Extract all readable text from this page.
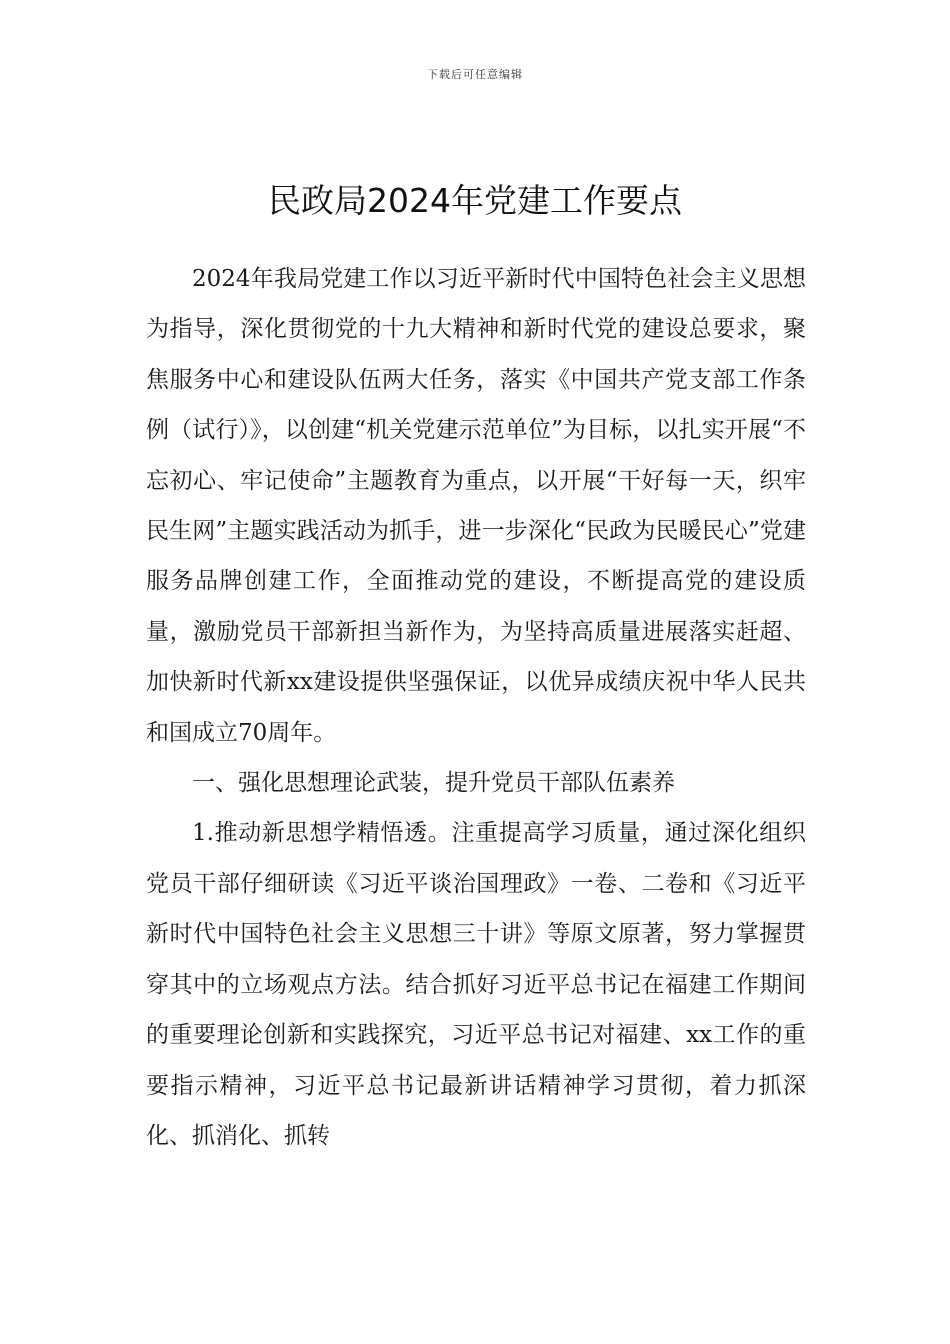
下载后可任意编辑
民政局2024年党建工作要点

2024年我局党建工作以习近平新时代中国特色社会主义思想为指导，深化贯彻党的十九大精神和新时代党的建设总要求，聚焦服务中心和建设队伍两大任务，落实《中国共产党支部工作条例（试行）》，以创建“机关党建示范单位”为目标，以扎实开展“不忘初心、牢记使命”主题教育为重点，以开展“干好每一天，织牢民生网”主题实践活动为抓手，进一步深化“民政为民暖民心”党建服务品牌创建工作，全面推动党的建设，不断提高党的建设质量，激励党员干部新担当新作为，为坚持高质量进展落实赶超、加快新时代新xx建设提供坚强保证，以优异成绩庆祝中华人民共和国成立70周年。

一、强化思想理论武装，提升党员干部队伍素养

1.推动新思想学精悟透。注重提高学习质量，通过深化组织党员干部仔细研读《习近平谈治国理政》一卷、二卷和《习近平新时代中国特色社会主义思想三十讲》等原文原著，努力掌握贯穿其中的立场观点方法。结合抓好习近平总书记在福建工作期间的重要理论创新和实践探究，习近平总书记对福建、xx工作的重要指示精神，习近平总书记最新讲话精神学习贯彻，着力抓深化、抓消化、抓转
